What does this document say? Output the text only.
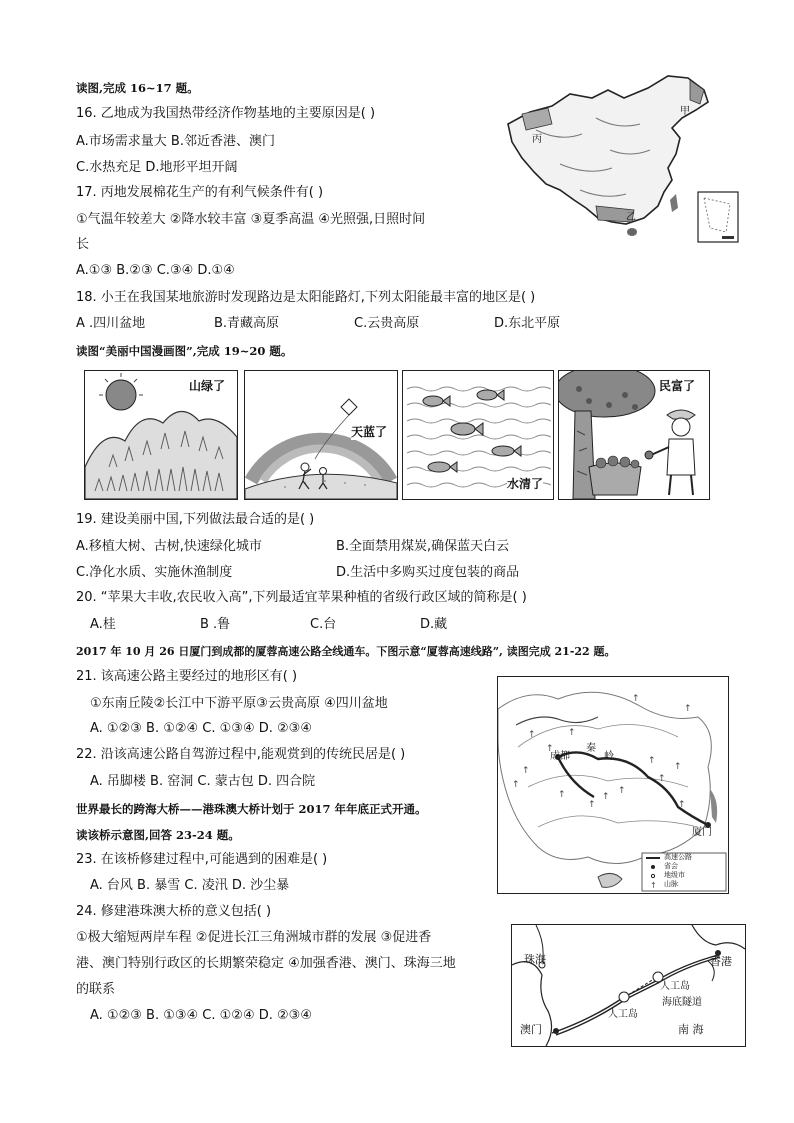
读图,完成 16~17 题。
16. 乙地成为我国热带经济作物基地的主要原因是( )
A.市场需求量大 B.邻近香港、澳门
C.水热充足 D.地形平坦开阔
17. 丙地发展棉花生产的有利气候条件有( )
①气温年较差大 ②降水较丰富 ③夏季高温 ④光照强,日照时间
长
A.①③ B.②③ C.③④ D.①④
18. 小王在我国某地旅游时发现路边是太阳能路灯,下列太阳能最丰富的地区是( )
A .四川盆地	B.青藏高原	C.云贵高原	D.东北平原
甲
丙
乙
读图“美丽中国漫画图”,完成 19~20 题。
山绿了
天蓝了
水清了
民富了
19. 建设美丽中国,下列做法最合适的是( )
A.移植大树、古树,快速绿化城市	B.全面禁用煤炭,确保蓝天白云
C.净化水质、实施休渔制度	D.生活中多购买过度包装的商品
20. “苹果大丰收,农民收入高”,下列最适宜苹果种植的省级行政区域的简称是( )
A.桂	B .鲁	C.台	D.藏
2017 年 10 月 26 日厦门到成都的厦蓉高速公路全线通车。下图示意“厦蓉高速线路”, 读图完成 21-22 题。
21. 该高速公路主要经过的地形区有( )
①东南丘陵②长江中下游平原③云贵高原 ④四川盆地
A. ①②③ B. ①②④ C. ①③④ D. ②③④
22. 沿该高速公路自驾游过程中,能观赏到的传统民居是( )
A. 吊脚楼 B. 窑洞 C. 蒙古包 D. 四合院
↑
↑
↑
↑
↑
↑
↑
↑
↑
↑
↑
↑
↑
↑
↑
↑
成都
秦
岭
厦门
高速公路
省会
地级市
山脉
世界最长的跨海大桥——港珠澳大桥计划于 2017 年年底正式开通。
读该桥示意图,回答 23-24 题。
23. 在该桥修建过程中,可能遇到的困难是( )
A. 台风 B. 暴雪 C. 凌汛 D. 沙尘暴
24. 修建港珠澳大桥的意义包括( )
①极大缩短两岸车程 ②促进长江三角洲城市群的发展 ③促进香
港、澳门特别行政区的长期繁荣稳定 ④加强香港、澳门、珠海三地
的联系
A. ①②③ B. ①③④ C. ①②④ D. ②③④
珠海	香港
人工岛
人工岛
海底隧道
澳门	南 海
